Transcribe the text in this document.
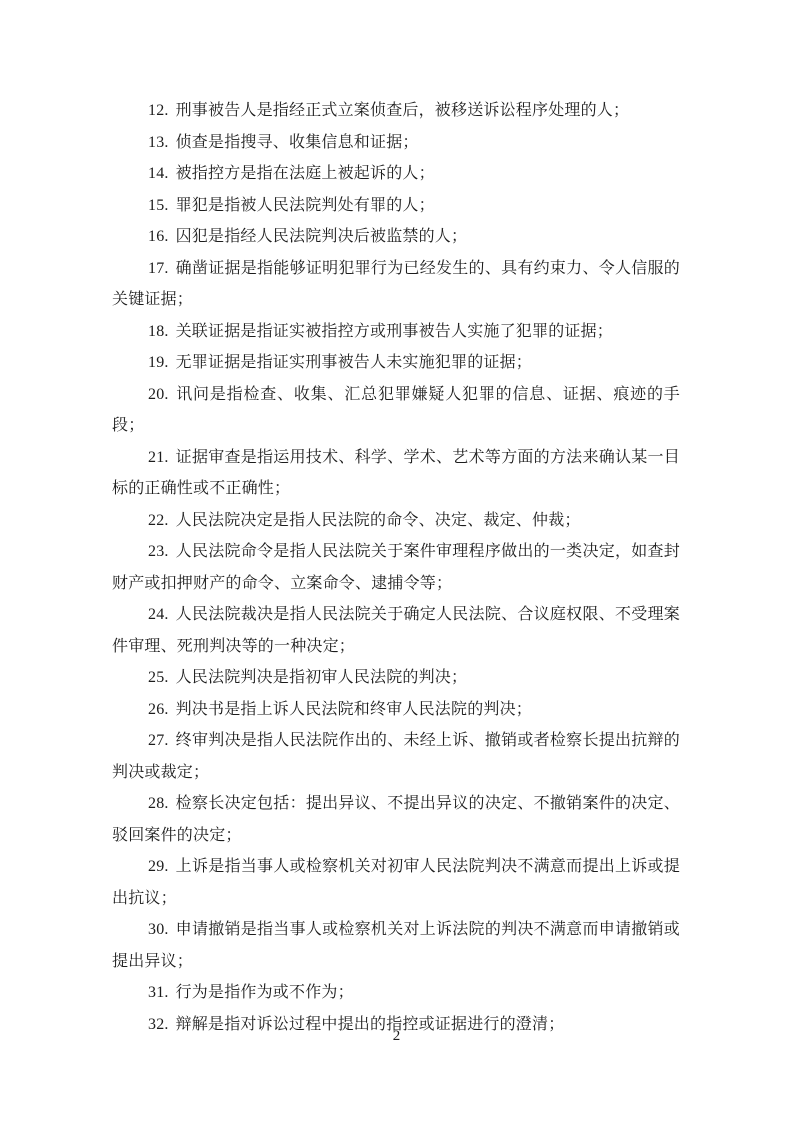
12. 刑事被告人是指经正式立案侦查后，被移送诉讼程序处理的人；

13. 侦查是指搜寻、收集信息和证据；

14. 被指控方是指在法庭上被起诉的人；

15. 罪犯是指被人民法院判处有罪的人；

16. 囚犯是指经人民法院判决后被监禁的人；

17. 确凿证据是指能够证明犯罪行为已经发生的、具有约束力、令人信服的关键证据；

18. 关联证据是指证实被指控方或刑事被告人实施了犯罪的证据；

19. 无罪证据是指证实刑事被告人未实施犯罪的证据；

20. 讯问是指检查、收集、汇总犯罪嫌疑人犯罪的信息、证据、痕迹的手段；

21. 证据审查是指运用技术、科学、学术、艺术等方面的方法来确认某一目标的正确性或不正确性；

22. 人民法院决定是指人民法院的命令、决定、裁定、仲裁；

23. 人民法院命令是指人民法院关于案件审理程序做出的一类决定，如查封财产或扣押财产的命令、立案命令、逮捕令等；

24. 人民法院裁决是指人民法院关于确定人民法院、合议庭权限、不受理案件审理、死刑判决等的一种决定；

25. 人民法院判决是指初审人民法院的判决；

26. 判决书是指上诉人民法院和终审人民法院的判决；

27. 终审判决是指人民法院作出的、未经上诉、撤销或者检察长提出抗辩的判决或裁定；

28. 检察长决定包括：提出异议、不提出异议的决定、不撤销案件的决定、驳回案件的决定；

29. 上诉是指当事人或检察机关对初审人民法院判决不满意而提出上诉或提出抗议；

30. 申请撤销是指当事人或检察机关对上诉法院的判决不满意而申请撤销或提出异议；

31. 行为是指作为或不作为；

32. 辩解是指对诉讼过程中提出的指控或证据进行的澄清；

2
